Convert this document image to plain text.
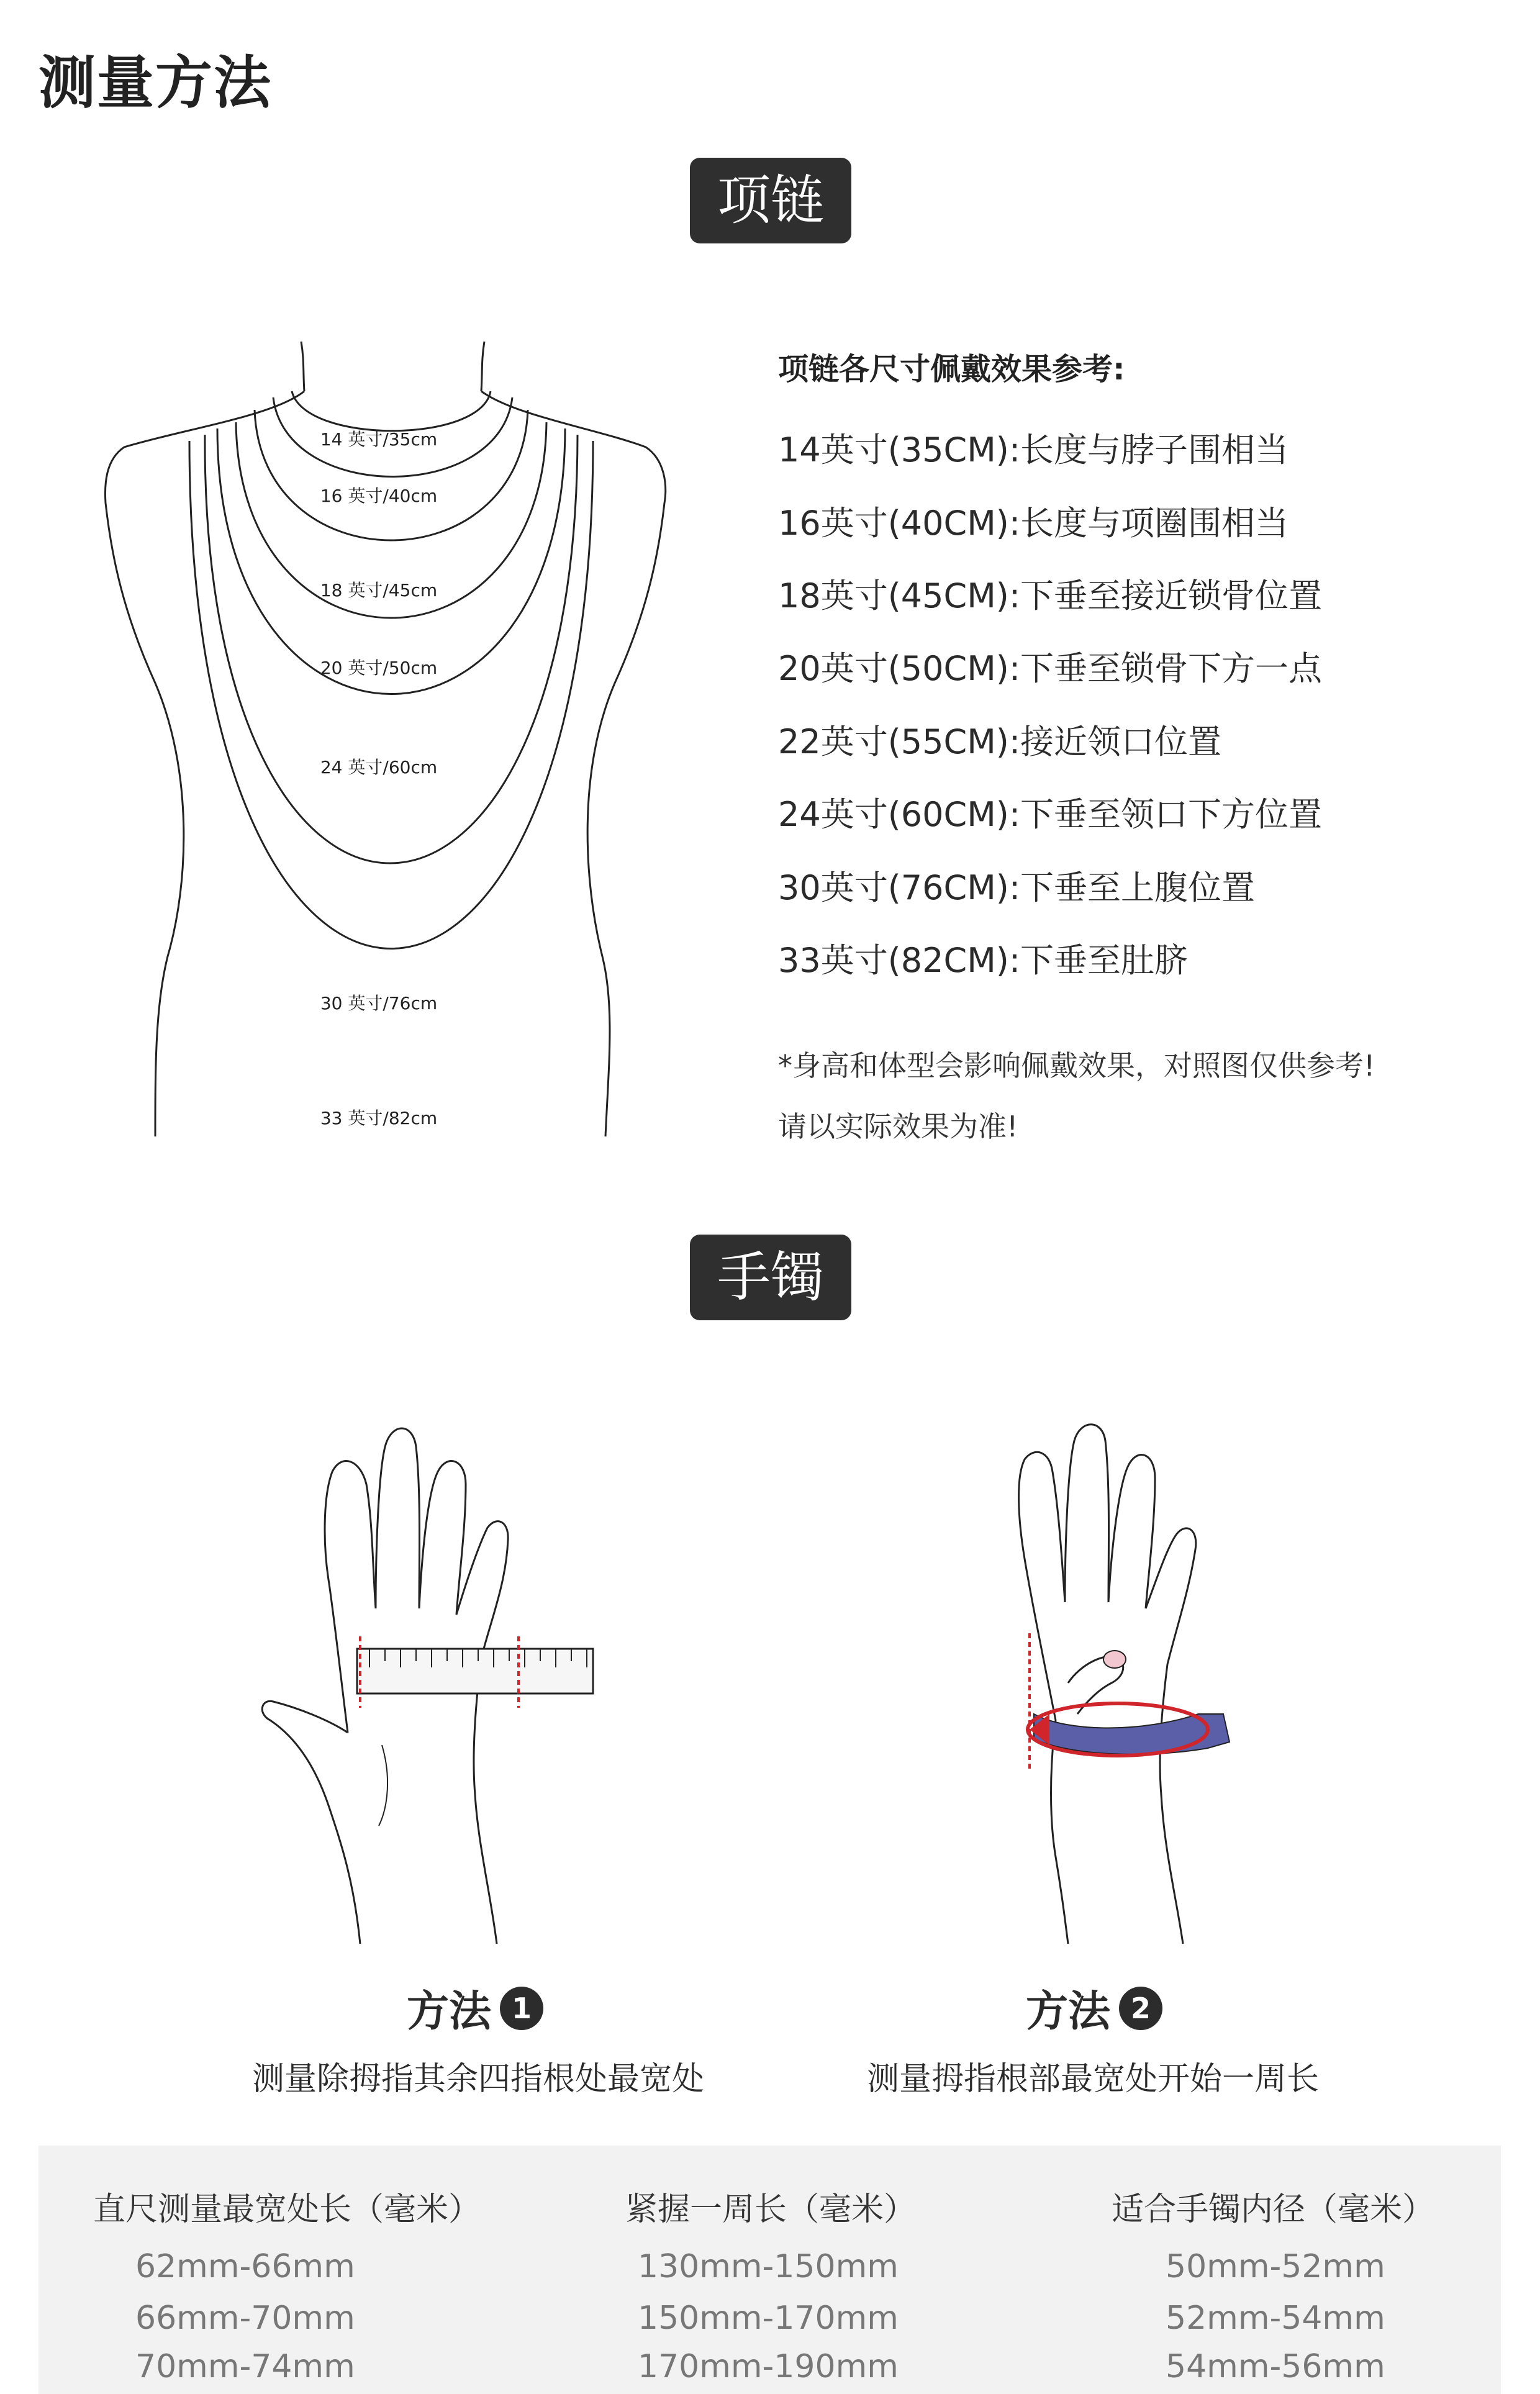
测量方法
项链
14 英寸/35cm
16 英寸/40cm
18 英寸/45cm
20 英寸/50cm
24 英寸/60cm
30 英寸/76cm
33 英寸/82cm
项链各尺寸佩戴效果参考:
14英寸(35CM):长度与脖子围相当
16英寸(40CM):长度与项圈围相当
18英寸(45CM):下垂至接近锁骨位置
20英寸(50CM):下垂至锁骨下方一点
22英寸(55CM):接近领口位置
24英寸(60CM):下垂至领口下方位置
30英寸(76CM):下垂至上腹位置
33英寸(82CM):下垂至肚脐
*身高和体型会影响佩戴效果，对照图仅供参考!
请以实际效果为准!
手镯
方法 1
测量除拇指其余四指根处最宽处
方法 2
测量拇指根部最宽处开始一周长
直尺测量最宽处长（毫米）	紧握一周长（毫米）	适合手镯内径（毫米）
62mm-66mm	130mm-150mm	50mm-52mm
66mm-70mm	150mm-170mm	52mm-54mm
70mm-74mm	170mm-190mm	54mm-56mm
